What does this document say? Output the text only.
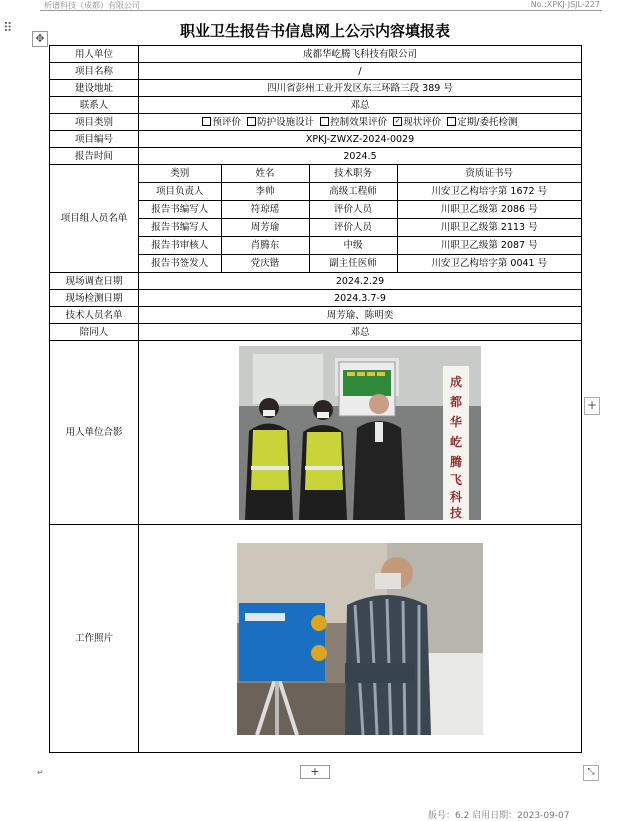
析谱科技（成都）有限公司	No.:XPKJ-JSJL-227
⠿
✥	职业卫生报告书信息网上公示内容填报表
用人单位	成都华屹腾飞科技有限公司
项目名称	/
建设地址	四川省彭州工业开发区东三环路三段 389 号
联系人	邓总
项目类别	预评价 防护设施设计 控制效果评价 ✓ 现状评价 定期/委托检测
项目编号	XPKJ-ZWXZ-2024-0029
报告时间	2024.5
项目组人员名单	
类别	姓名	技术职务	资质证书号
项目负责人	李帅	高级工程师	川安卫乙构培字第 1672 号
报告书编写人	符琼瑶	评价人员	川职卫乙级第 2086 号
报告书编写人	周芳瑜	评价人员	川职卫乙级第 2113 号
报告书审核人	肖腾东	中级	川职卫乙级第 2087 号
报告书签发人	党庆锴	副主任医师	川安卫乙构培字第 0041 号

现场调查日期	2024.2.29
现场检测日期	2024.3.7-9
技术人员名单	周芳瑜、陈明奕
陪同人	邓总
用人单位合影	
成
都
华
屹
腾
飞
科
技

工作照片	
+
+	⤡
↵
版号：6.2 启用日期：2023-09-07
